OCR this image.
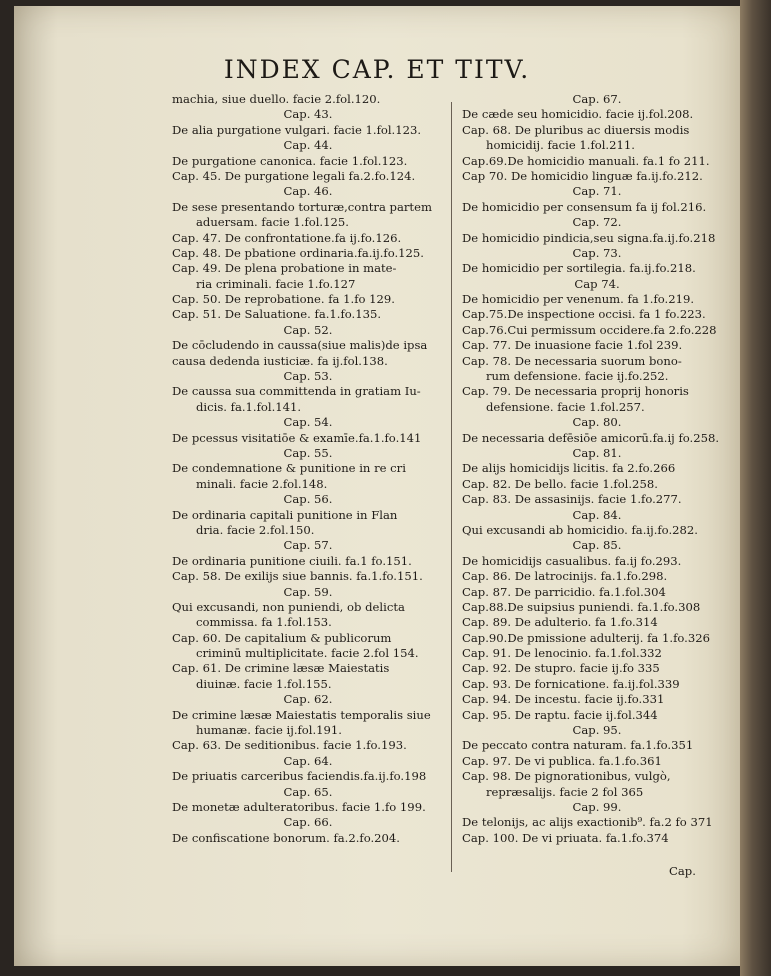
INDEX CAP. ET TITV.
machia, siue duello. facie 2.fol.120.
Cap. 43.
De alia purgatione vulgari. facie 1.fol.123.
Cap. 44.
De purgatione canonica. facie 1.fol.123.
Cap. 45. De purgatione legali fa.2.fo.124.
Cap. 46.
De sese presentando torturæ,contra partem
aduersam. facie 1.fol.125.
Cap. 47. De confrontatione.fa ij.fo.126.
Cap. 48. De pbatione ordinaria.fa.ij.fo.125.
Cap. 49. De plena probatione in mate-
ria criminali. facie 1.fo.127
Cap. 50. De reprobatione. fa 1.fo 129.
Cap. 51. De Saluatione. fa.1.fo.135.
Cap. 52.
De cōcludendo in caussa(siue malis)de ipsa
causa dedenda iusticiæ. fa ij.fol.138.
Cap. 53.
De caussa sua committenda in gratiam Iu-
dicis. fa.1.fol.141.
Cap. 54.
De pcessus visitatiōe & examīe.fa.1.fo.141
Cap. 55.
De condemnatione & punitione in re cri
minali. facie 2.fol.148.
Cap. 56.
De ordinaria capitali punitione in Flan
dria. facie 2.fol.150.
Cap. 57.
De ordinaria punitione ciuili. fa.1 fo.151.
Cap. 58. De exilijs siue bannis. fa.1.fo.151.
Cap. 59.
Qui excusandi, non puniendi, ob delicta
commissa. fa 1.fol.153.
Cap. 60. De capitalium & publicorum
criminū multiplicitate. facie 2.fol 154.
Cap. 61. De crimine læsæ Maiestatis
diuinæ. facie 1.fol.155.
Cap. 62.
De crimine læsæ Maiestatis temporalis siue
humanæ. facie ij.fol.191.
Cap. 63. De seditionibus. facie 1.fo.193.
Cap. 64.
De priuatis carceribus faciendis.fa.ij.fo.198
Cap. 65.
De monetæ adulteratoribus. facie 1.fo 199.
Cap. 66.
De confiscatione bonorum. fa.2.fo.204.
Cap. 67.
De cæde seu homicidio. facie ij.fol.208.
Cap. 68. De pluribus ac diuersis modis
homicidij. facie 1.fol.211.
Cap.69.De homicidio manuali. fa.1 fo 211.
Cap 70. De homicidio linguæ fa.ij.fo.212.
Cap. 71.
De homicidio per consensum fa ij fol.216.
Cap. 72.
De homicidio pindicia,seu signa.fa.ij.fo.218
Cap. 73.
De homicidio per sortilegia. fa.ij.fo.218.
Cap 74.
De homicidio per venenum. fa 1.fo.219.
Cap.75.De inspectione occisi. fa 1 fo.223.
Cap.76.Cui permissum occidere.fa 2.fo.228
Cap. 77. De inuasione facie 1.fol 239.
Cap. 78. De necessaria suorum bono-
rum defensione. facie ij.fo.252.
Cap. 79. De necessaria proprij honoris
defensione. facie 1.fol.257.
Cap. 80.
De necessaria defēsiōe amicorū.fa.ij fo.258.
Cap. 81.
De alijs homicidijs licitis. fa 2.fo.266
Cap. 82. De bello. facie 1.fol.258.
Cap. 83. De assasinijs. facie 1.fo.277.
Cap. 84.
Qui excusandi ab homicidio. fa.ij.fo.282.
Cap. 85.
De homicidijs casualibus. fa.ij fo.293.
Cap. 86. De latrocinijs. fa.1.fo.298.
Cap. 87. De parricidio. fa.1.fol.304
Cap.88.De suipsius puniendi. fa.1.fo.308
Cap. 89. De adulterio. fa 1.fo.314
Cap.90.De pmissione adulterij. fa 1.fo.326
Cap. 91. De lenocinio. fa.1.fol.332
Cap. 92. De stupro. facie ij.fo 335
Cap. 93. De fornicatione. fa.ij.fol.339
Cap. 94. De incestu. facie ij.fo.331
Cap. 95. De raptu. facie ij.fol.344
Cap. 95.
De peccato contra naturam. fa.1.fo.351
Cap. 97. De vi publica. fa.1.fo.361
Cap. 98. De pignorationibus, vulgò,
repræsalijs. facie 2 fol 365
Cap. 99.
De telonijs, ac alijs exactionib⁹. fa.2 fo 371
Cap. 100. De vi priuata. fa.1.fo.374
Cap.
